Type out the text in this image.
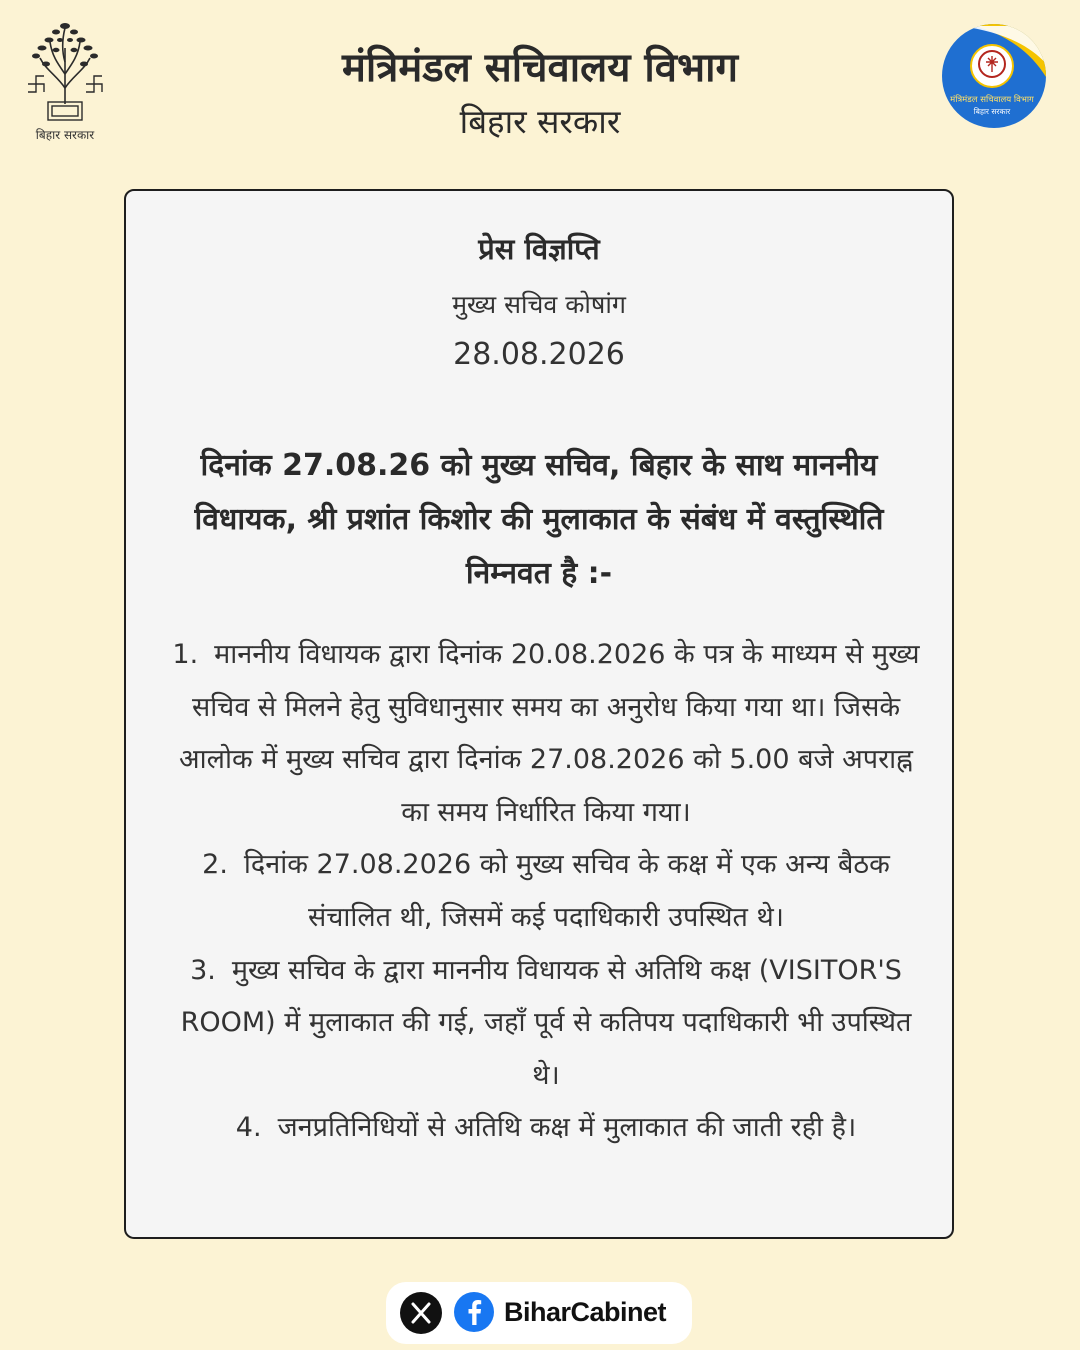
बिहार सरकार
मंत्रिमंडल सचिवालय विभाग
बिहार सरकार
मंत्रिमंडल सचिवालय विभाग
बिहार सरकार
प्रेस विज्ञप्ति
मुख्य सचिव कोषांग
28.08.2026
दिनांक 27.08.26 को मुख्य सचिव, बिहार के साथ माननीय विधायक, श्री प्रशांत किशोर की मुलाकात के संबंध में वस्तुस्थिति निम्नवत है :-
1. माननीय विधायक द्वारा दिनांक 20.08.2026 के पत्र के माध्यम से मुख्य सचिव से मिलने हेतु सुविधानुसार समय का अनुरोध किया गया था। जिसके आलोक में मुख्य सचिव द्वारा दिनांक 27.08.2026 को 5.00 बजे अपराह्न का समय निर्धारित किया गया।
2. दिनांक 27.08.2026 को मुख्य सचिव के कक्ष में एक अन्य बैठक संचालित थी, जिसमें कई पदाधिकारी उपस्थित थे।
3. मुख्य सचिव के द्वारा माननीय विधायक से अतिथि कक्ष (VISITOR'S ROOM) में मुलाकात की गई, जहाँ पूर्व से कतिपय पदाधिकारी भी उपस्थित थे।
4. जनप्रतिनिधियों से अतिथि कक्ष में मुलाकात की जाती रही है।
BiharCabinet
